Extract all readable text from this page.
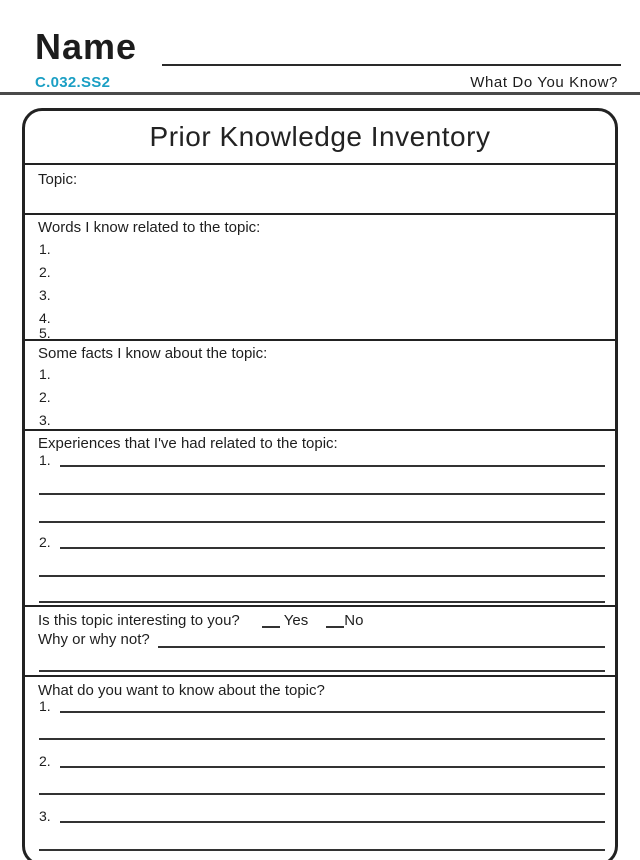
Name
C.032.SS2	What Do You Know?
Prior Knowledge Inventory
Topic:
Words I know related to the topic:
1.
2.
3.
4.
5.
Some facts I know about the topic:
1.
2.
3.
Experiences that I've had related to the topic:
1.
2.
Is this topic interesting to you?	Yes No
Why or why not?
What do you want to know about the topic?
1.
2.
3.
